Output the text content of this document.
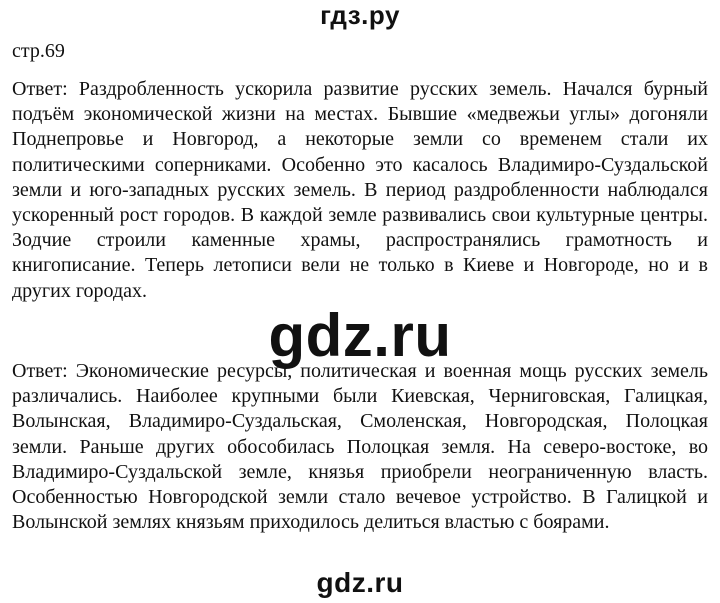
гдз.ру
стр.69

Ответ: Раздробленность ускорила развитие русских земель. Начался бурный подъём экономической жизни на местах. Бывшие «медвежьи углы» догоняли Поднепровье и Новгород, а некоторые земли со временем стали их политическими соперниками. Особенно это касалось Владимиро-Суздальской земли и юго-западных русских земель. В период раздробленности наблюдался ускоренный рост городов. В каждой земле развивались свои культурные центры. Зодчие строили каменные храмы, распространялись грамотность и книгописание. Теперь летописи вели не только в Киеве и Новгороде, но и в других городах.

gdz.ru

Ответ: Экономические ресурсы, политическая и военная мощь русских земель различались. Наиболее крупными были Киевская, Черниговская, Галицкая, Волынская, Владимиро-Суздальская, Смоленская, Новгородская, Полоцкая земли. Раньше других обособилась Полоцкая земля. На северо-востоке, во Владимиро-Суздальской земле, князья приобрели неограниченную власть. Особенностью Новгородской земли стало вечевое устройство. В Галицкой и Волынской землях князьям приходилось делиться властью с боярами.

gdz.ru
